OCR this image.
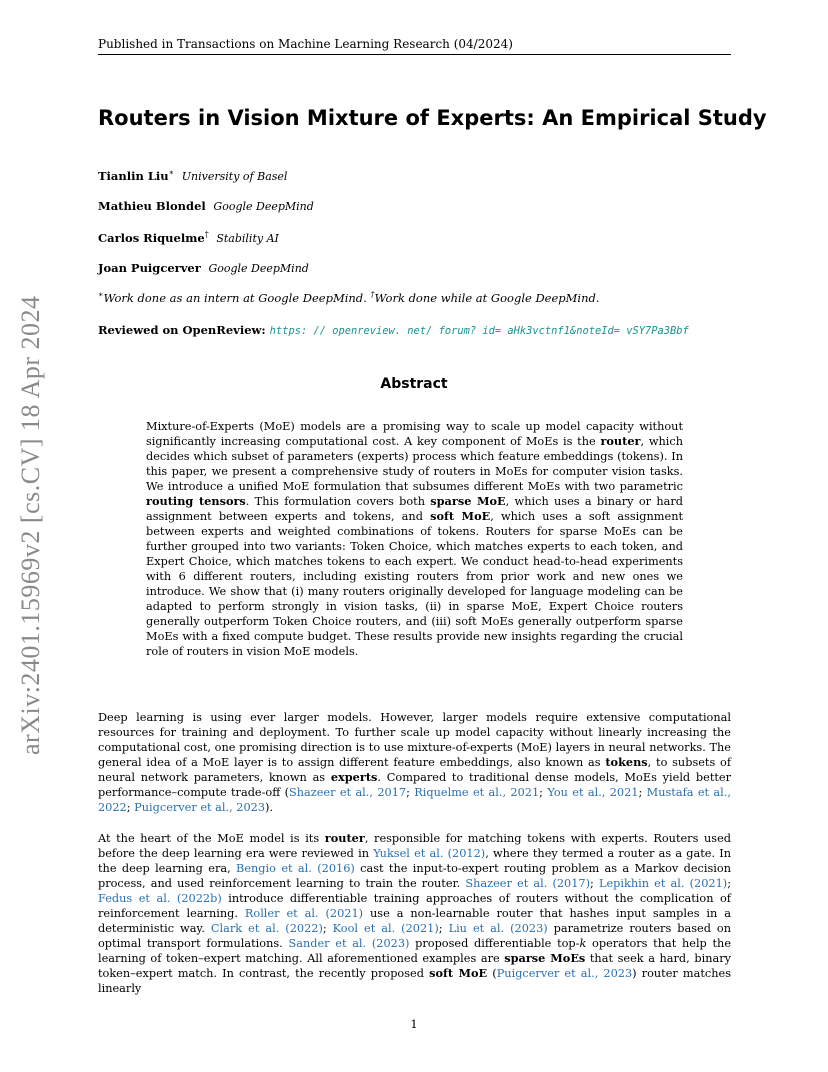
Published in Transactions on Machine Learning Research (04/2024)
arXiv:2401.15969v2 [cs.CV] 18 Apr 2024
Routers in Vision Mixture of Experts: An Empirical Study
Tianlin Liu∗ University of Basel
Mathieu Blondel Google DeepMind
Carlos Riquelme† Stability AI
Joan Puigcerver Google DeepMind
∗Work done as an intern at Google DeepMind. †Work done while at Google DeepMind.
Reviewed on OpenReview: https: // openreview. net/ forum? id= aHk3vctnf1&noteId= vSY7Pa3Bbf
Abstract
Mixture-of-Experts (MoE) models are a promising way to scale up model capacity without significantly increasing computational cost. A key component of MoEs is the router, which decides which subset of parameters (experts) process which feature embeddings (tokens). In this paper, we present a comprehensive study of routers in MoEs for computer vision tasks. We introduce a unified MoE formulation that subsumes different MoEs with two parametric routing tensors. This formulation covers both sparse MoE, which uses a binary or hard assignment between experts and tokens, and soft MoE, which uses a soft assignment between experts and weighted combinations of tokens. Routers for sparse MoEs can be further grouped into two variants: Token Choice, which matches experts to each token, and Expert Choice, which matches tokens to each expert. We conduct head-to-head experiments with 6 different routers, including existing routers from prior work and new ones we introduce. We show that (i) many routers originally developed for language modeling can be adapted to perform strongly in vision tasks, (ii) in sparse MoE, Expert Choice routers generally outperform Token Choice routers, and (iii) soft MoEs generally outperform sparse MoEs with a fixed compute budget. These results provide new insights regarding the crucial role of routers in vision MoE models.
Deep learning is using ever larger models. However, larger models require extensive computational resources for training and deployment. To further scale up model capacity without linearly increasing the computational cost, one promising direction is to use mixture-of-experts (MoE) layers in neural networks. The general idea of a MoE layer is to assign different feature embeddings, also known as tokens, to subsets of neural network parameters, known as experts. Compared to traditional dense models, MoEs yield better performance–compute trade-off (Shazeer et al., 2017; Riquelme et al., 2021; You et al., 2021; Mustafa et al., 2022; Puigcerver et al., 2023).
At the heart of the MoE model is its router, responsible for matching tokens with experts. Routers used before the deep learning era were reviewed in Yuksel et al. (2012), where they termed a router as a gate. In the deep learning era, Bengio et al. (2016) cast the input-to-expert routing problem as a Markov decision process, and used reinforcement learning to train the router. Shazeer et al. (2017); Lepikhin et al. (2021); Fedus et al. (2022b) introduce differentiable training approaches of routers without the complication of reinforcement learning. Roller et al. (2021) use a non-learnable router that hashes input samples in a deterministic way. Clark et al. (2022); Kool et al. (2021); Liu et al. (2023) parametrize routers based on optimal transport formulations. Sander et al. (2023) proposed differentiable top-k operators that help the learning of token–expert matching. All aforementioned examples are sparse MoEs that seek a hard, binary token–expert match. In contrast, the recently proposed soft MoE (Puigcerver et al., 2023) router matches linearly
1
